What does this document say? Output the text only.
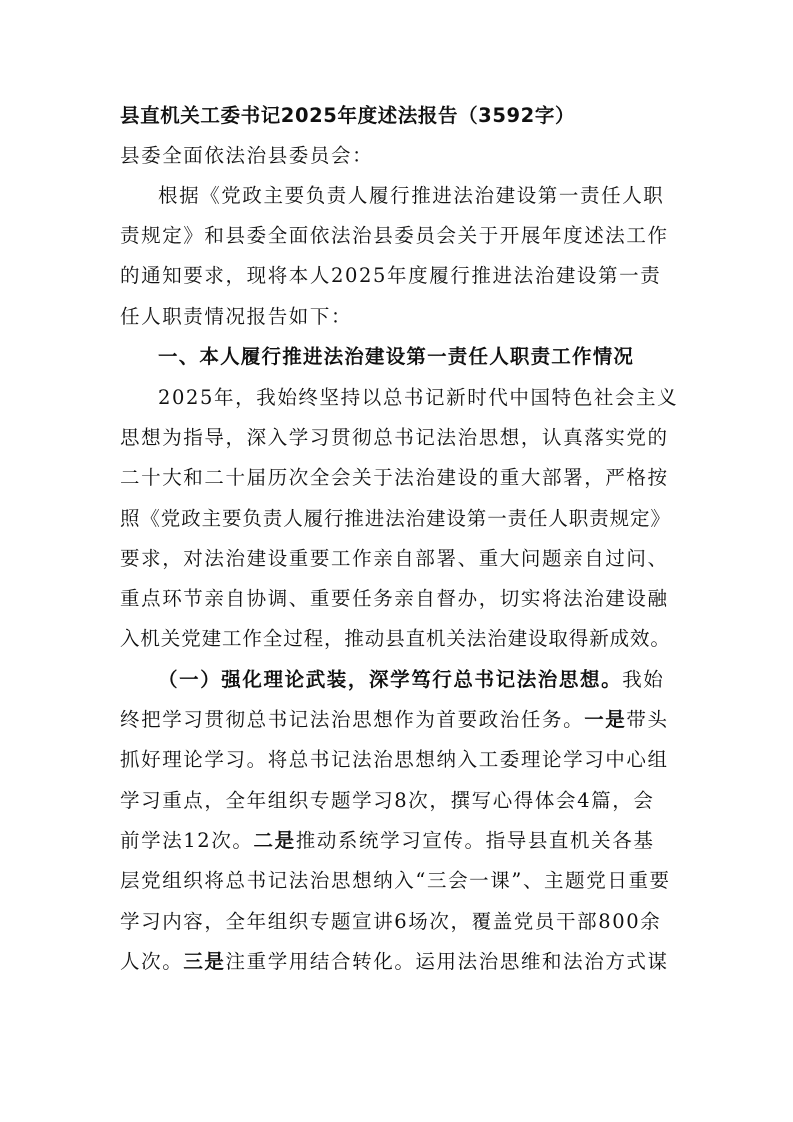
县直机关工委书记2025年度述法报告（3592字）
县委全面依法治县委员会：
根据《党政主要负责人履行推进法治建设第一责任人职
责规定》和县委全面依法治县委员会关于开展年度述法工作
的通知要求，现将本人2025年度履行推进法治建设第一责
任人职责情况报告如下：
一、本人履行推进法治建设第一责任人职责工作情况
2025年，我始终坚持以总书记新时代中国特色社会主义
思想为指导，深入学习贯彻总书记法治思想，认真落实党的
二十大和二十届历次全会关于法治建设的重大部署，严格按
照《党政主要负责人履行推进法治建设第一责任人职责规定》
要求，对法治建设重要工作亲自部署、重大问题亲自过问、
重点环节亲自协调、重要任务亲自督办，切实将法治建设融
入机关党建工作全过程，推动县直机关法治建设取得新成效。
（一）强化理论武装，深学笃行总书记法治思想。我始
终把学习贯彻总书记法治思想作为首要政治任务。一是带头
抓好理论学习。将总书记法治思想纳入工委理论学习中心组
学习重点，全年组织专题学习8次，撰写心得体会4篇，会
前学法12次。二是推动系统学习宣传。指导县直机关各基
层党组织将总书记法治思想纳入“三会一课”、主题党日重要
学习内容，全年组织专题宣讲6场次，覆盖党员干部800余
人次。三是注重学用结合转化。运用法治思维和法治方式谋
